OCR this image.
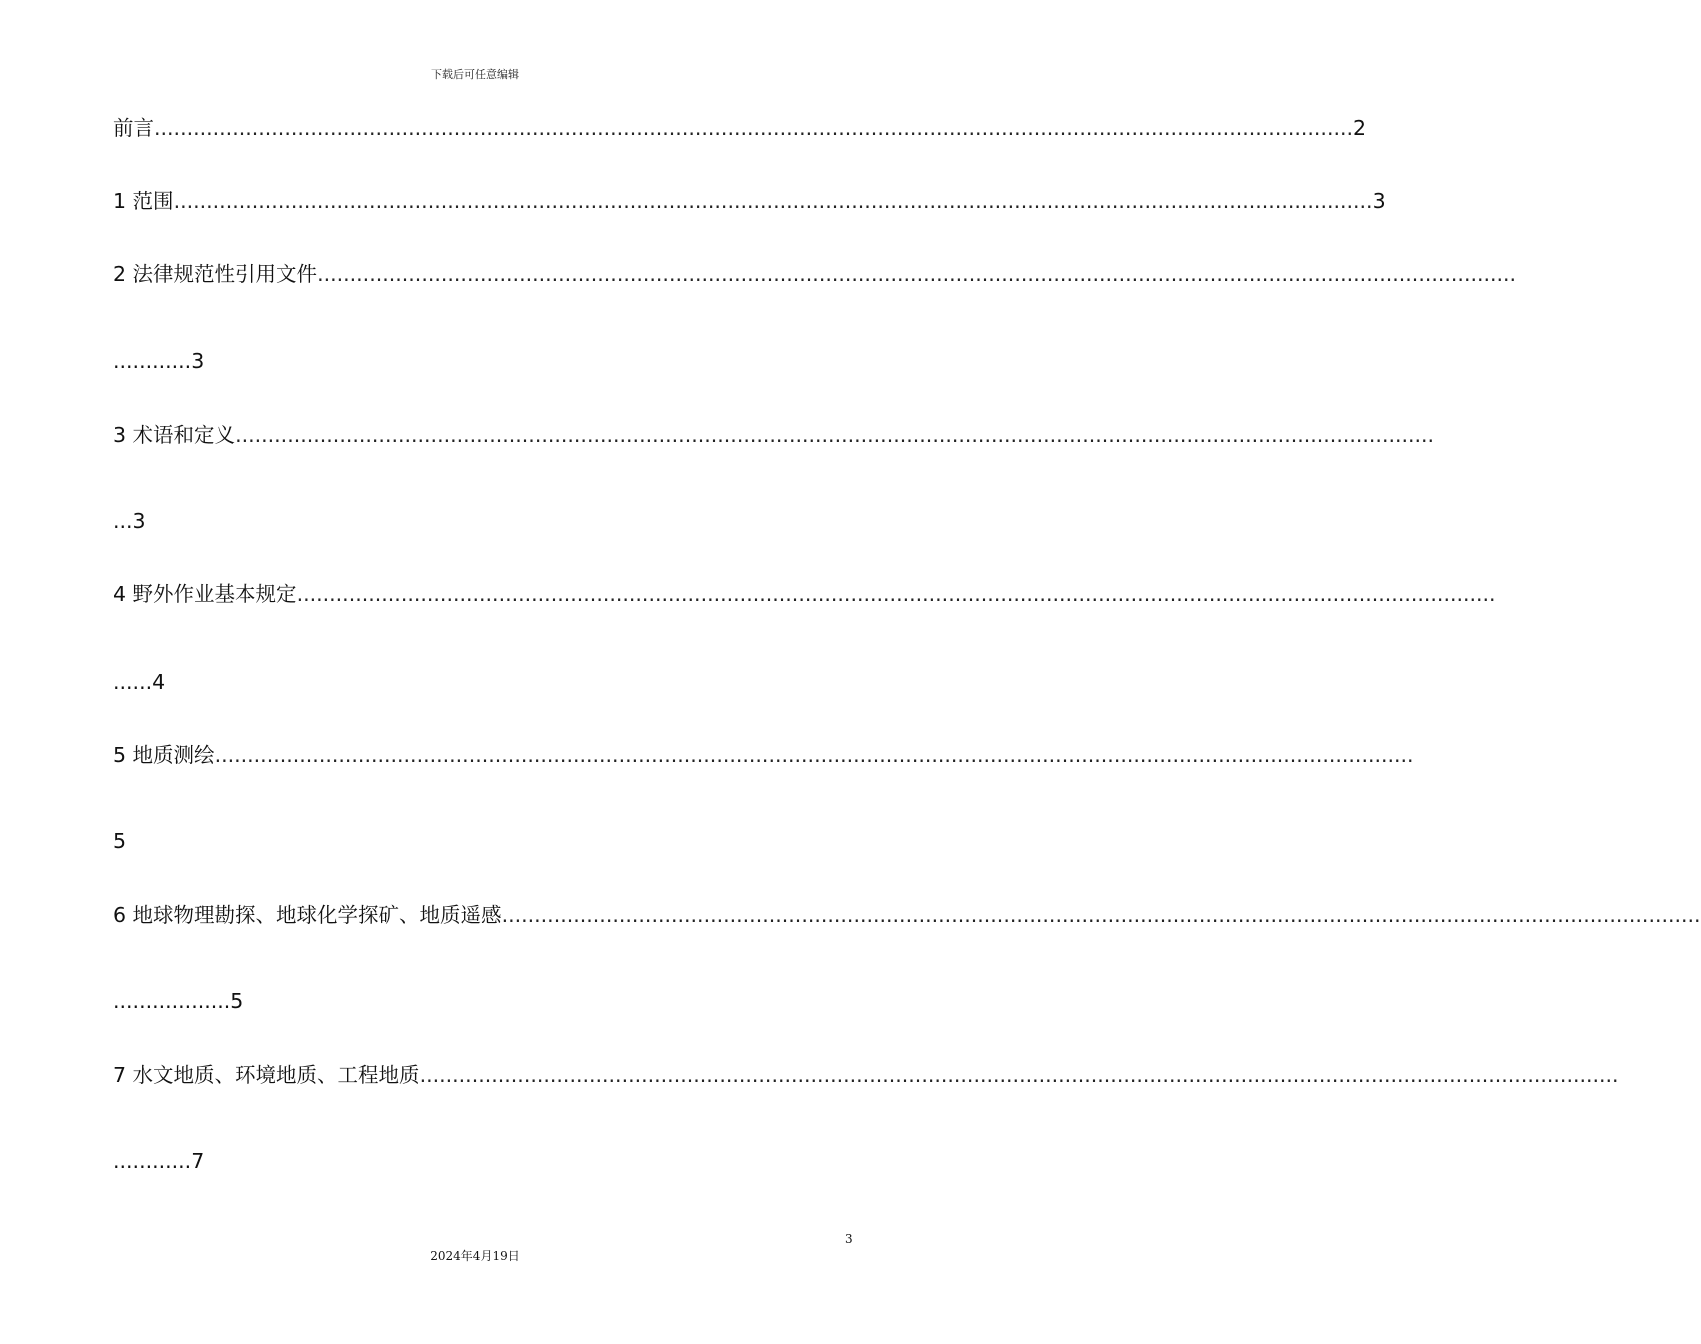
下载后可任意编辑
前言 ........................................................................................................................................................................................ 2
1 范围 ........................................................................................................................................................................................ 3
2 法律规范性引用文件 ........................................................................................................................................................................................
............3
3 术语和定义 ........................................................................................................................................................................................
...3
4 野外作业基本规定 ........................................................................................................................................................................................
......4
5 地质测绘 ........................................................................................................................................................................................
5
6 地球物理勘探、地球化学探矿、地质遥感 ........................................................................................................................................................................................
..................5
7 水文地质、环境地质、工程地质 ........................................................................................................................................................................................
............7
3
2024年4月19日
